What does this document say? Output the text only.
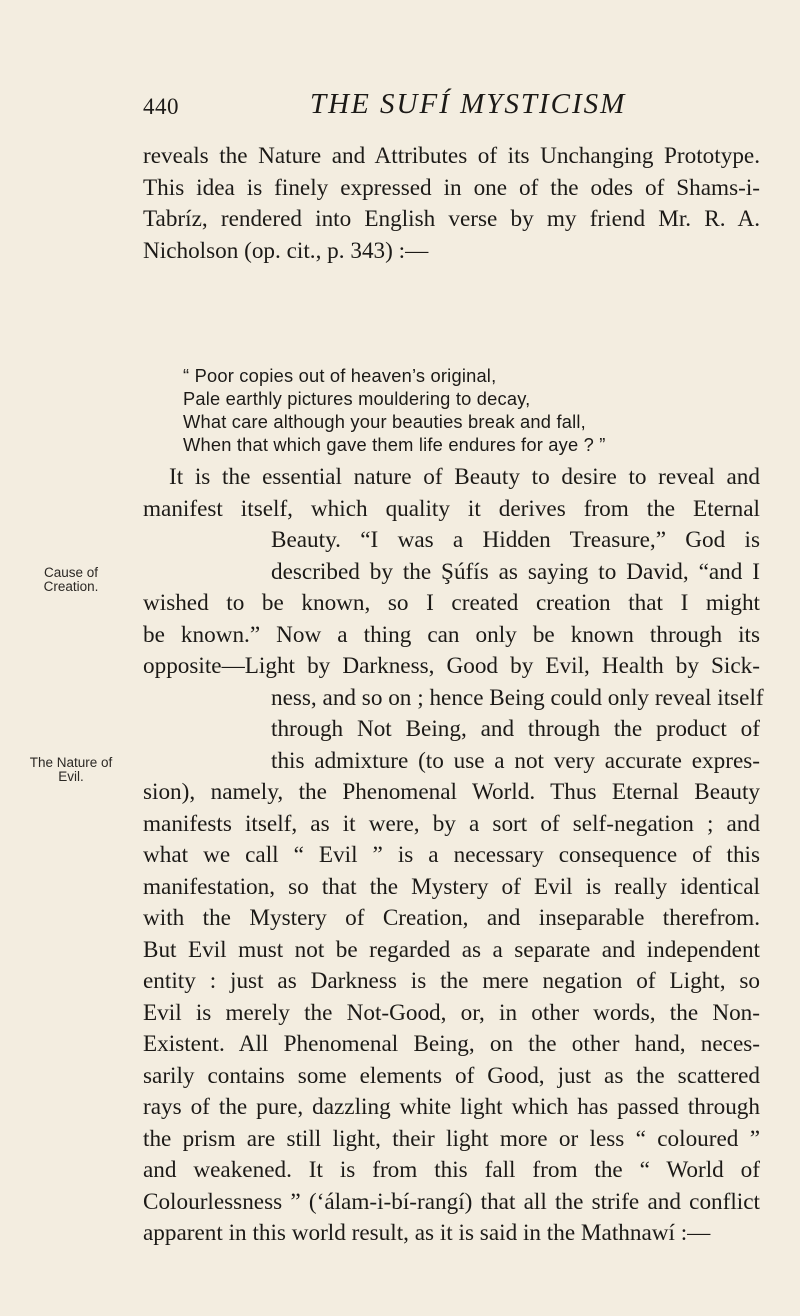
440	THE SUFÍ MYSTICISM
reveals the Nature and Attributes of its Unchanging Prototype.
This idea is finely expressed in one of the odes of Shams-i-
Tabríz, rendered into English verse by my friend Mr. R. A.
Nicholson (op. cit., p. 343) :—
“ Poor copies out of heaven’s original,
Pale earthly pictures mouldering to decay,
What care although your beauties break and fall,
When that which gave them life endures for aye ? ”
Cause of Creation.
The Nature of Evil.
It is the essential nature of Beauty to desire to reveal and
manifest itself, which quality it derives from the Eternal
Beauty. “I was a Hidden Treasure,” God is
described by the Şúfís as saying to David, “and I
wished to be known, so I created creation that I might
be known.” Now a thing can only be known through its
opposite—Light by Darkness, Good by Evil, Health by Sick-
ness, and so on ; hence Being could only reveal itself
through Not Being, and through the product of
this admixture (to use a not very accurate expres-
sion), namely, the Phenomenal World. Thus Eternal Beauty
manifests itself, as it were, by a sort of self-negation ; and
what we call “ Evil ” is a necessary consequence of this
manifestation, so that the Mystery of Evil is really identical
with the Mystery of Creation, and inseparable therefrom.
But Evil must not be regarded as a separate and independent
entity : just as Darkness is the mere negation of Light, so
Evil is merely the Not-Good, or, in other words, the Non-
Existent. All Phenomenal Being, on the other hand, neces-
sarily contains some elements of Good, just as the scattered
rays of the pure, dazzling white light which has passed through
the prism are still light, their light more or less “ coloured ”
and weakened. It is from this fall from the “ World of
Colourlessness ” (‘álam-i-bí-rangí) that all the strife and conflict
apparent in this world result, as it is said in the Mathnawí :—
